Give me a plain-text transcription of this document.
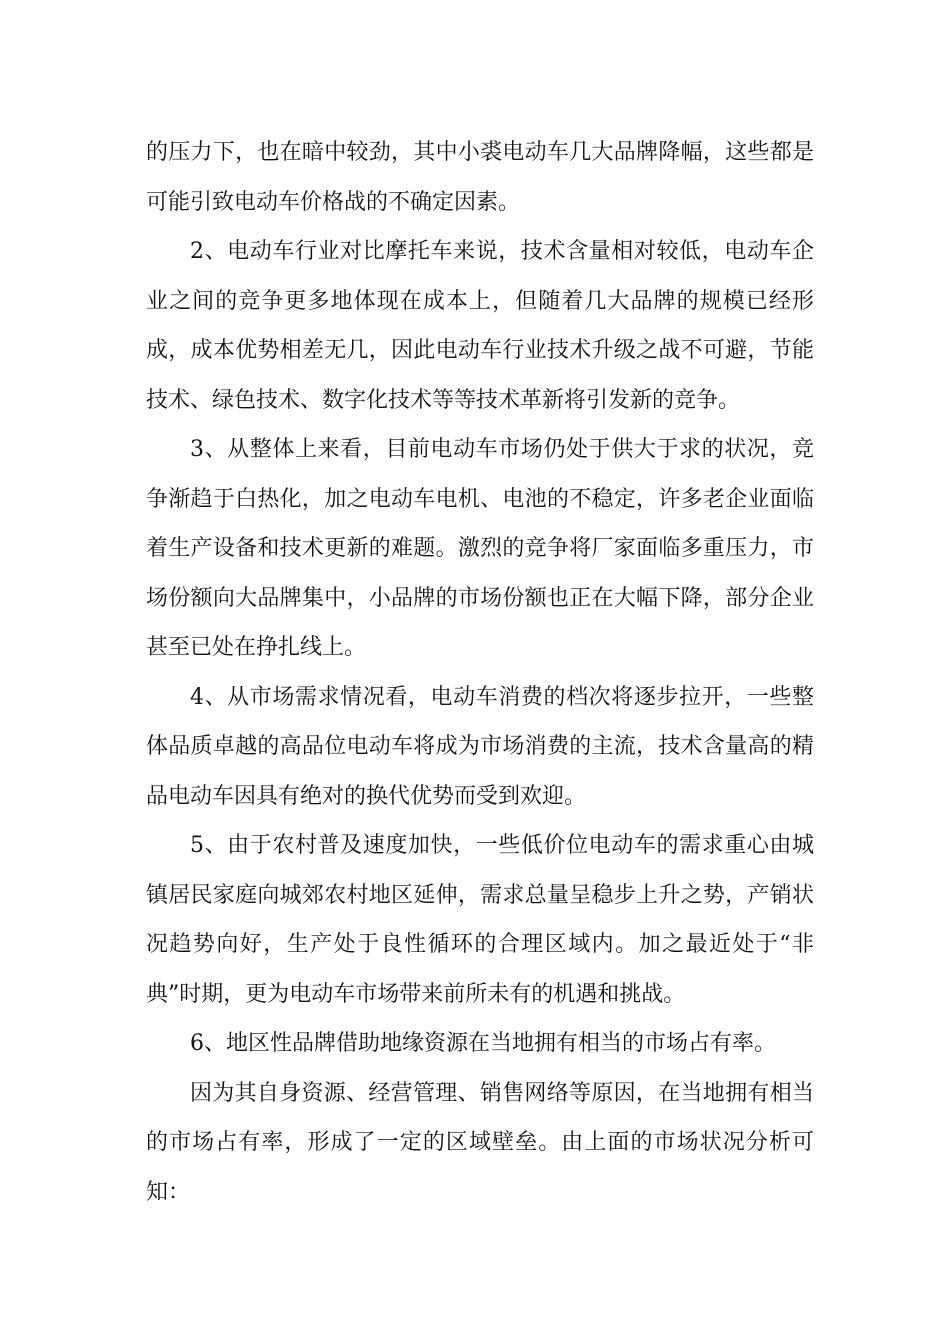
的压力下，也在暗中较劲，其中小裘电动车几大品牌降幅，这些都是可能引致电动车价格战的不确定因素。

2、电动车行业对比摩托车来说，技术含量相对较低，电动车企业之间的竞争更多地体现在成本上，但随着几大品牌的规模已经形成，成本优势相差无几，因此电动车行业技术升级之战不可避，节能技术、绿色技术、数字化技术等等技术革新将引发新的竞争。

3、从整体上来看，目前电动车市场仍处于供大于求的状况，竞争渐趋于白热化，加之电动车电机、电池的不稳定，许多老企业面临着生产设备和技术更新的难题。激烈的竞争将厂家面临多重压力，市场份额向大品牌集中，小品牌的市场份额也正在大幅下降，部分企业甚至已处在挣扎线上。

4、从市场需求情况看，电动车消费的档次将逐步拉开，一些整体品质卓越的高品位电动车将成为市场消费的主流，技术含量高的精品电动车因具有绝对的换代优势而受到欢迎。

5、由于农村普及速度加快，一些低价位电动车的需求重心由城镇居民家庭向城郊农村地区延伸，需求总量呈稳步上升之势，产销状况趋势向好，生产处于良性循环的合理区域内。加之最近处于“非典”时期，更为电动车市场带来前所未有的机遇和挑战。

6、地区性品牌借助地缘资源在当地拥有相当的市场占有率。

因为其自身资源、经营管理、销售网络等原因，在当地拥有相当的市场占有率，形成了一定的区域壁垒。由上面的市场状况分析可知：
